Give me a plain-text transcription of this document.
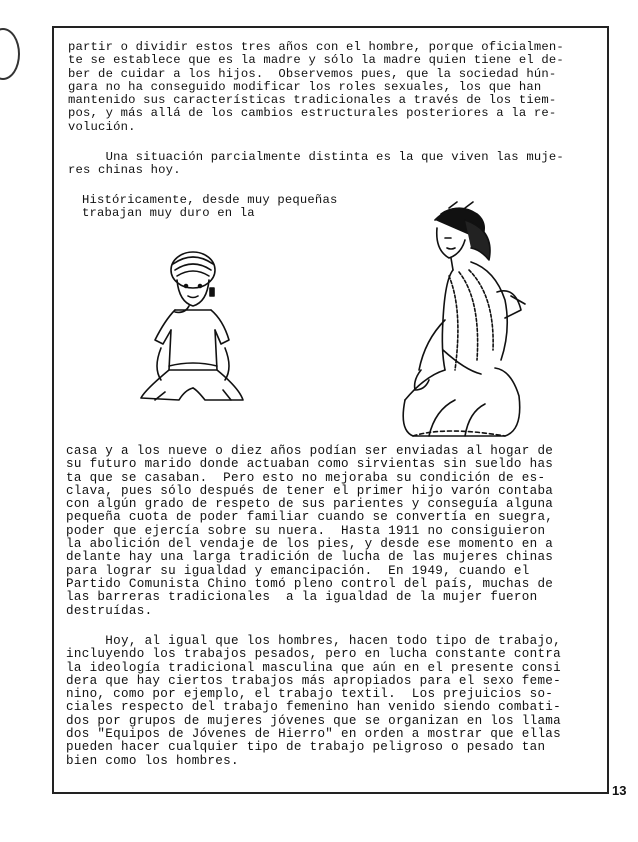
partir o dividir estos tres años con el hombre, porque oficialmen-
te se establece que es la madre y sólo la madre quien tiene el de-
ber de cuidar a los hijos.  Observemos pues, que la sociedad hún-
gara no ha conseguido modificar los roles sexuales, los que han
mantenido sus características tradicionales a través de los tiem-
pos, y más allá de los cambios estructurales posteriores a la re-
volución.
Una situación parcialmente distinta es la que viven las muje-
res chinas hoy.
Históricamente, desde muy pequeñas
trabajan muy duro en la
casa y a los nueve o diez años podían ser enviadas al hogar de
su futuro marido donde actuaban como sirvientas sin sueldo has
ta que se casaban.  Pero esto no mejoraba su condición de es-
clava, pues sólo después de tener el primer hijo varón contaba
con algún grado de respeto de sus parientes y conseguía alguna
pequeña cuota de poder familiar cuando se convertía en suegra,
poder que ejercía sobre su nuera.  Hasta 1911 no consiguieron
la abolición del vendaje de los pies, y desde ese momento en a
delante hay una larga tradición de lucha de las mujeres chinas
para lograr su igualdad y emancipación.  En 1949, cuando el
Partido Comunista Chino tomó pleno control del país, muchas de
las barreras tradicionales  a la igualdad de la mujer fueron
destruídas.
Hoy, al igual que los hombres, hacen todo tipo de trabajo,
incluyendo los trabajos pesados, pero en lucha constante contra
la ideología tradicional masculina que aún en el presente consi
dera que hay ciertos trabajos más apropiados para el sexo feme-
nino, como por ejemplo, el trabajo textil.  Los prejuicios so-
ciales respecto del trabajo femenino han venido siendo combati-
dos por grupos de mujeres jóvenes que se organizan en los llama
dos "Equipos de Jóvenes de Hierro" en orden a mostrar que ellas
pueden hacer cualquier tipo de trabajo peligroso o pesado tan
bien como los hombres.
13
